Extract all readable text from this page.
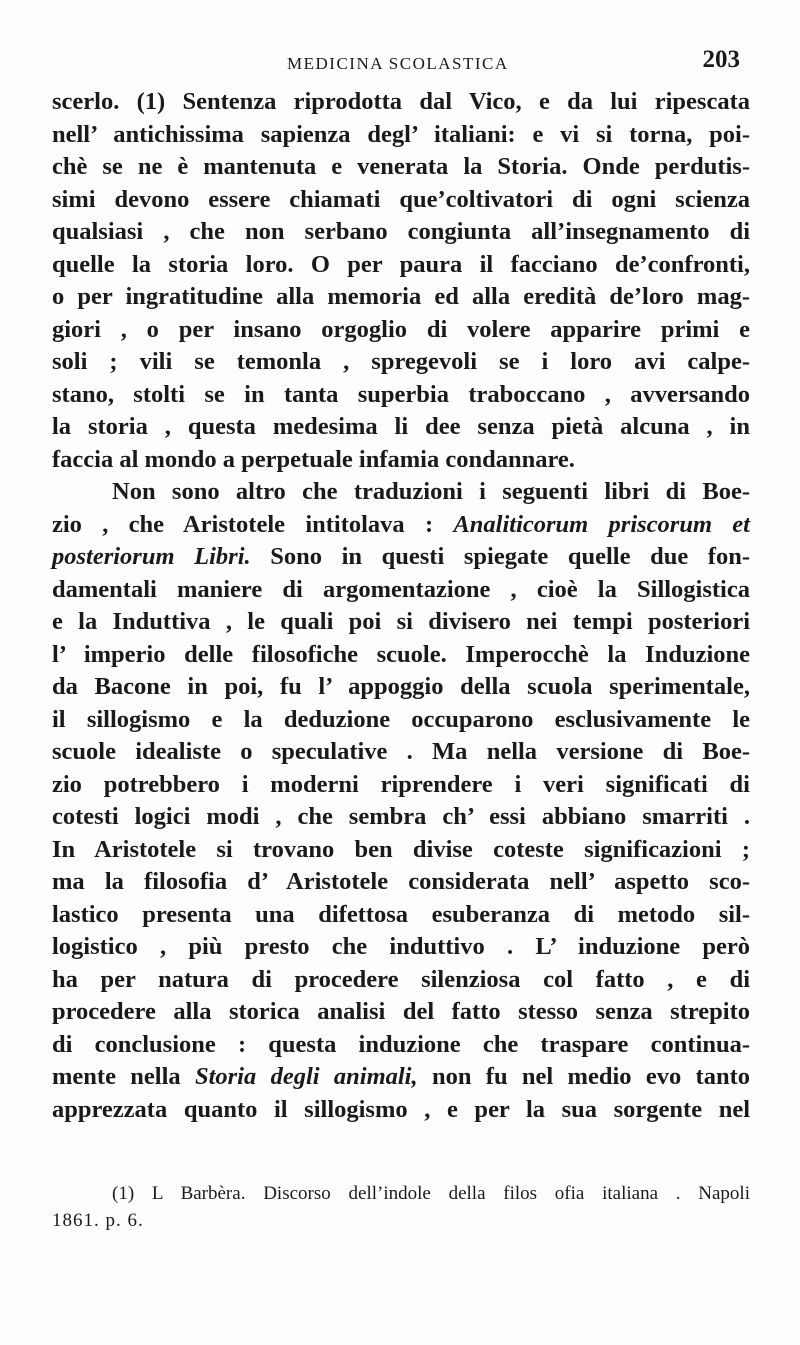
MEDICINA SCOLASTICA	203
scerlo. (1) Sentenza riprodotta dal Vico, e da lui ripescata
nell’ antichissima sapienza degl’ italiani: e vi si torna, poi-
chè se ne è mantenuta e venerata la Storia. Onde perdutis-
simi devono essere chiamati que’coltivatori di ogni scienza
qualsiasi , che non serbano congiunta all’insegnamento di
quelle la storia loro. O per paura il facciano de’confronti,
o per ingratitudine alla memoria ed alla eredità de’loro mag-
giori , o per insano orgoglio di volere apparire primi e
soli ; vili se temonla , spregevoli se i loro avi calpe-
stano, stolti se in tanta superbia traboccano , avversando
la storia , questa medesima li dee senza pietà alcuna , in
faccia al mondo a perpetuale infamia condannare.
Non sono altro che traduzioni i seguenti libri di Boe-
zio , che Aristotele intitolava : Analiticorum priscorum et
posteriorum Libri. Sono in questi spiegate quelle due fon-
damentali maniere di argomentazione , cioè la Sillogistica
e la Induttiva , le quali poi si divisero nei tempi posteriori
l’ imperio delle filosofiche scuole. Imperocchè la Induzione
da Bacone in poi, fu l’ appoggio della scuola sperimentale,
il sillogismo e la deduzione occuparono esclusivamente le
scuole idealiste o speculative . Ma nella versione di Boe-
zio potrebbero i moderni riprendere i veri significati di
cotesti logici modi , che sembra ch’ essi abbiano smarriti .
In Aristotele si trovano ben divise coteste significazioni ;
ma la filosofia d’ Aristotele considerata nell’ aspetto sco-
lastico presenta una difettosa esuberanza di metodo sil-
logistico , più presto che induttivo . L’ induzione però
ha per natura di procedere silenziosa col fatto , e di
procedere alla storica analisi del fatto stesso senza strepito
di conclusione : questa induzione che traspare continua-
mente nella Storia degli animali, non fu nel medio evo tanto
apprezzata quanto il sillogismo , e per la sua sorgente nel
(1) L Barbèra. Discorso dell’indole della filos ofia italiana . Napoli
1861. p. 6.
